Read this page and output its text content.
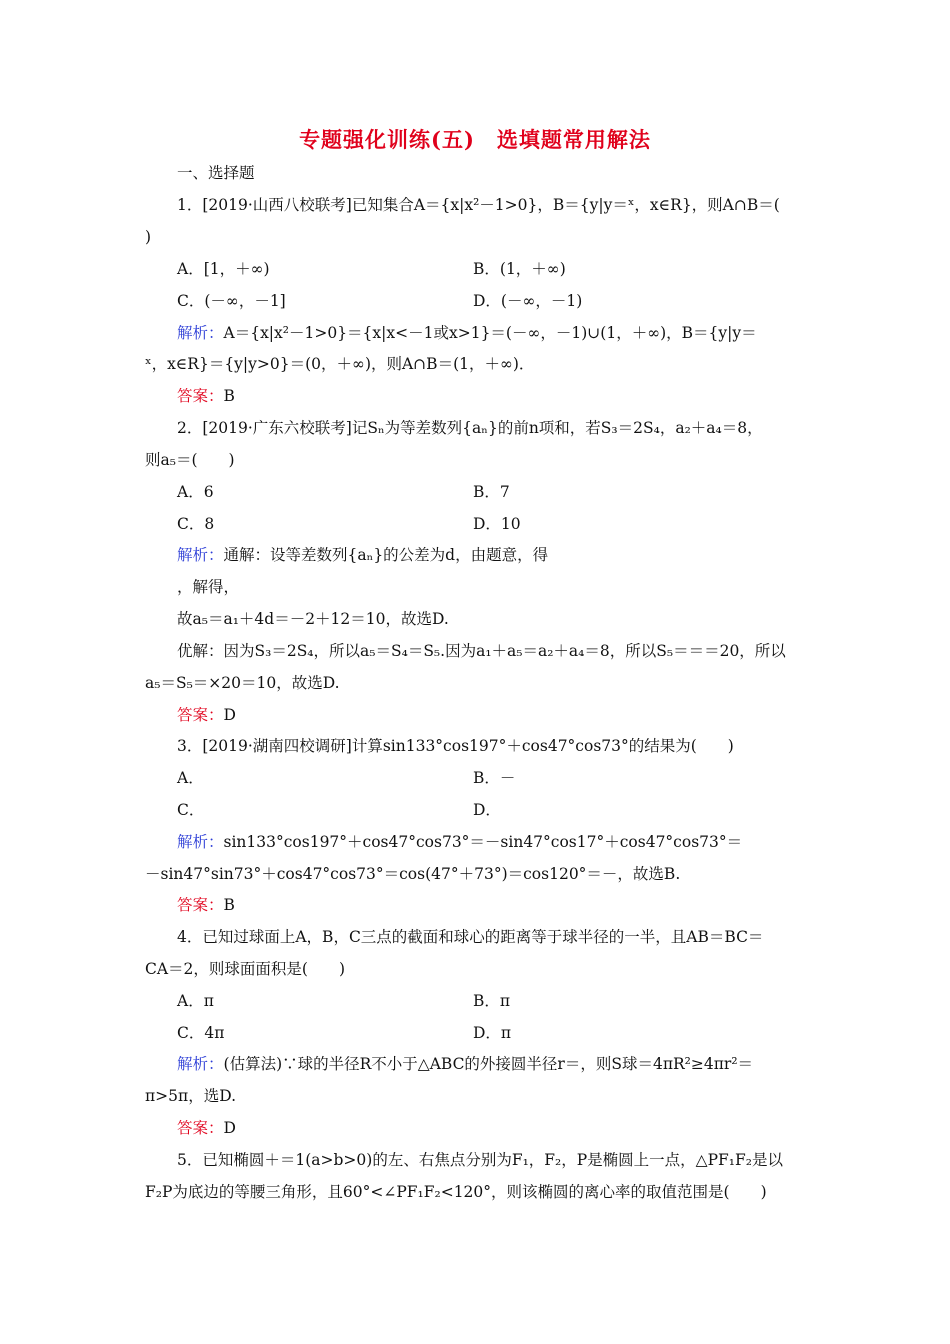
专题强化训练(五)　选填题常用解法
一、选择题
1．[2019·山西八校联考]已知集合A＝{x|x²－1>0}，B＝{y|y＝ˣ，x∈R}，则A∩B＝(
)
A．[1，＋∞)	B．(1，＋∞)
C．(－∞，－1]	D．(－∞，－1)
解析：A＝{x|x²－1>0}＝{x|x<－1或x>1}＝(－∞，－1)∪(1，＋∞)，B＝{y|y＝
ˣ，x∈R}＝{y|y>0}＝(0，＋∞)，则A∩B＝(1，＋∞)．
答案：B
2．[2019·广东六校联考]记Sₙ为等差数列{aₙ}的前n项和，若S₃＝2S₄，a₂＋a₄＝8，
则a₅＝(　　)
A．6	B．7
C．8	D．10
解析：通解：设等差数列{aₙ}的公差为d，由题意，得
，解得，
故a₅＝a₁＋4d＝－2＋12＝10，故选D.
优解：因为S₃＝2S₄，所以a₅＝S₄＝S₅.因为a₁＋a₅＝a₂＋a₄＝8，所以S₅＝＝＝20，所以
a₅＝S₅＝×20＝10，故选D.
答案：D
3．[2019·湖南四校调研]计算sin133°cos197°＋cos47°cos73°的结果为(　　)
A．	B．－
C．	D．
解析：sin133°cos197°＋cos47°cos73°＝－sin47°cos17°＋cos47°cos73°＝
－sin47°sin73°＋cos47°cos73°＝cos(47°＋73°)＝cos120°＝－，故选B.
答案：B
4．已知过球面上A，B，C三点的截面和球心的距离等于球半径的一半，且AB＝BC＝
CA＝2，则球面面积是(　　)
A．π	B．π
C．4π	D．π
解析：(估算法)∵球的半径R不小于△ABC的外接圆半径r＝，则S球＝4πR²≥4πr²＝
π>5π，选D.
答案：D
5．已知椭圆＋＝1(a>b>0)的左、右焦点分别为F₁，F₂，P是椭圆上一点，△PF₁F₂是以
F₂P为底边的等腰三角形，且60°<∠PF₁F₂<120°，则该椭圆的离心率的取值范围是(　　)
